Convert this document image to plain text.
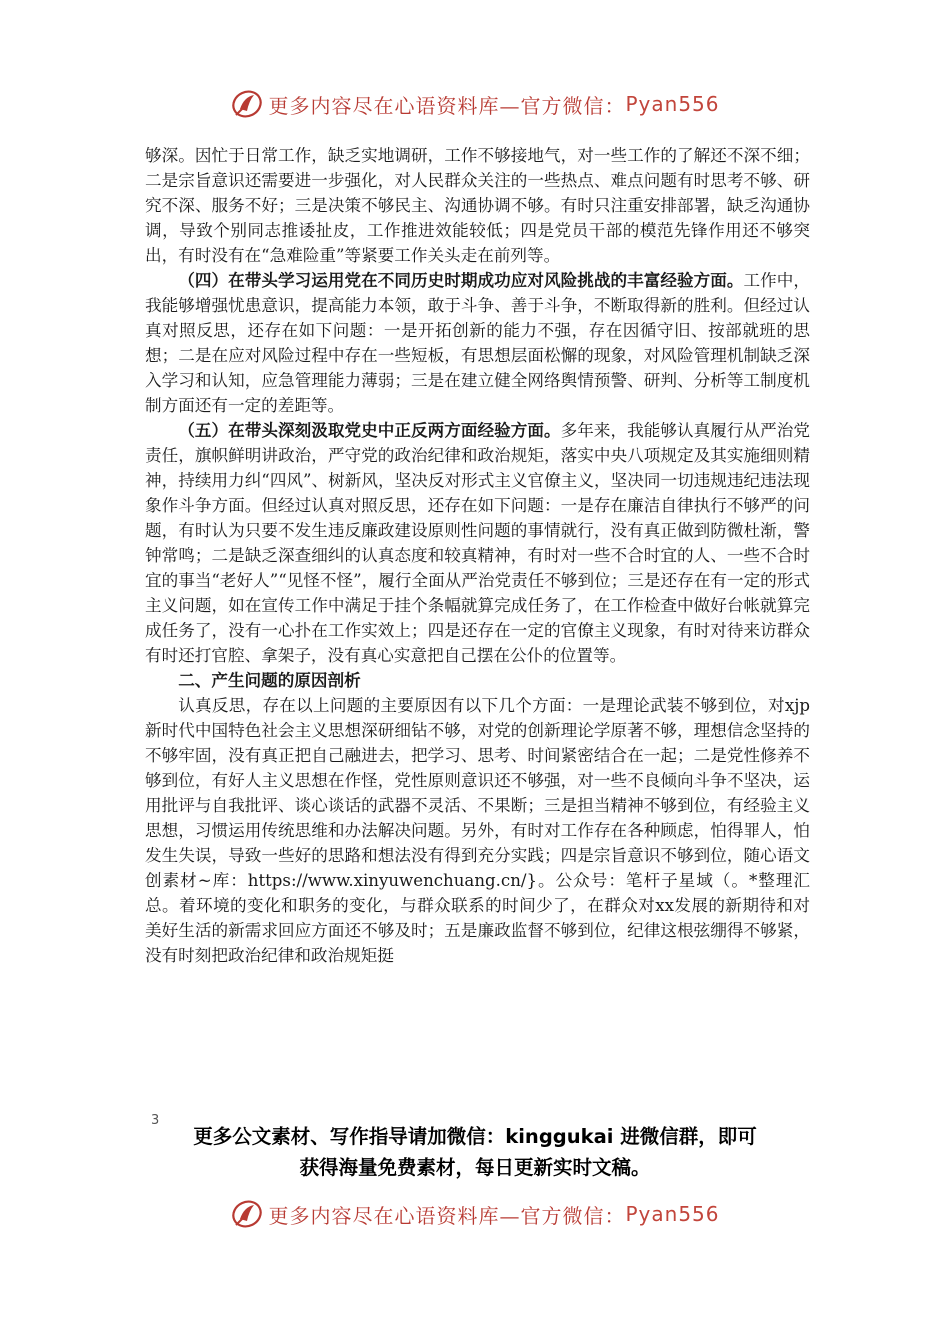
更多内容尽在心语资料库—官方微信： Pyan556

够深。因忙于日常工作，缺乏实地调研，工作不够接地气，对一些工作的了解还不深不细；二是宗旨意识还需要进一步强化，对人民群众关注的一些热点、难点问题有时思考不够、研究不深、服务不好；三是决策不够民主、沟通协调不够。有时只注重安排部署，缺乏沟通协调，导致个别同志推诿扯皮，工作推进效能较低；四是党员干部的模范先锋作用还不够突出，有时没有在“急难险重”等紧要工作关头走在前列等。

（四）在带头学习运用党在不同历史时期成功应对风险挑战的丰富经验方面。工作中，我能够增强忧患意识，提高能力本领，敢于斗争、善于斗争，不断取得新的胜利。但经过认真对照反思，还存在如下问题：一是开拓创新的能力不强，存在因循守旧、按部就班的思想；二是在应对风险过程中存在一些短板，有思想层面松懈的现象，对风险管理机制缺乏深入学习和认知，应急管理能力薄弱；三是在建立健全网络舆情预警、研判、分析等工制度机制方面还有一定的差距等。

（五）在带头深刻汲取党史中正反两方面经验方面。多年来，我能够认真履行从严治党责任，旗帜鲜明讲政治，严守党的政治纪律和政治规矩，落实中央八项规定及其实施细则精神，持续用力纠“四风”、树新风，坚决反对形式主义官僚主义，坚决同一切违规违纪违法现象作斗争方面。但经过认真对照反思，还存在如下问题：一是存在廉洁自律执行不够严的问题，有时认为只要不发生违反廉政建设原则性问题的事情就行，没有真正做到防微杜渐，警钟常鸣；二是缺乏深查细纠的认真态度和较真精神，有时对一些不合时宜的人、一些不合时宜的事当“老好人”“见怪不怪”，履行全面从严治党责任不够到位；三是还存在有一定的形式主义问题，如在宣传工作中满足于挂个条幅就算完成任务了，在工作检查中做好台帐就算完成任务了，没有一心扑在工作实效上；四是还存在一定的官僚主义现象，有时对待来访群众有时还打官腔、拿架子，没有真心实意把自己摆在公仆的位置等。

二、产生问题的原因剖析

认真反思，存在以上问题的主要原因有以下几个方面：一是理论武装不够到位，对xjp新时代中国特色社会主义思想深研细钻不够，对党的创新理论学原著不够，理想信念坚持的不够牢固，没有真正把自己融进去，把学习、思考、时间紧密结合在一起；二是党性修养不够到位，有好人主义思想在作怪，党性原则意识还不够强，对一些不良倾向斗争不坚决，运用批评与自我批评、谈心谈话的武器不灵活、不果断；三是担当精神不够到位，有经验主义思想，习惯运用传统思维和办法解决问题。另外，有时对工作存在各种顾虑，怕得罪人，怕发生失误，导致一些好的思路和想法没有得到充分实践；四是宗旨意识不够到位，随心语文创素材~库：https://www.xinyuwenchuang.cn/}。公众号：笔杆子星域（。*整理汇总。着环境的变化和职务的变化，与群众联系的时间少了，在群众对xx发展的新期待和对美好生活的新需求回应方面还不够及时；五是廉政监督不够到位，纪律这根弦绷得不够紧，没有时刻把政治纪律和政治规矩挺

3
更多公文素材、写作指导请加微信：kinggukai 进微信群，即可
获得海量免费素材，每日更新实时文稿。
更多内容尽在心语资料库—官方微信： Pyan556
